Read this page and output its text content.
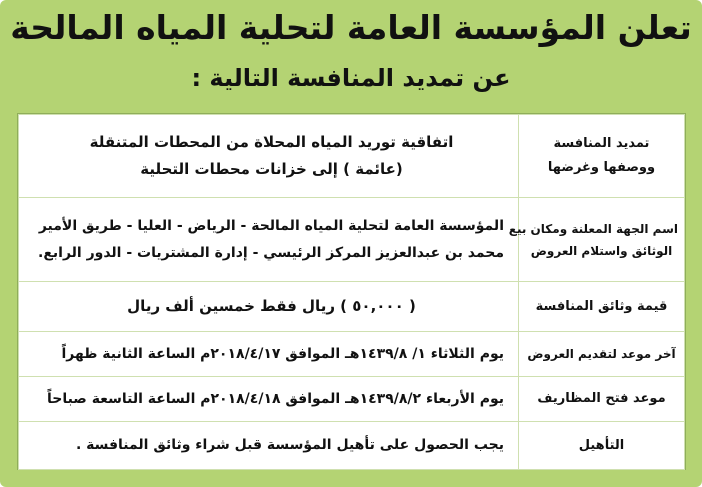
تعلن المؤسسة العامة لتحلية المياه المالحة
عن تمديد المنافسة التالية :
تمديد المنافسة
ووصفها وغرضها	اتفاقية توريد المياه المحلاة من المحطات المتنقلة
(عائمة ) إلى خزانات محطات التحلية

اسم الجهة المعلنة ومكان بيع
الوثائق واستلام العروض	المؤسسة العامة لتحلية المياه المالحة - الرياض - العليا - طريق الأمير
محمد بن عبدالعزيز المركز الرئيسي - إدارة المشتريات - الدور الرابع.

قيمة وثائق المنافسة	( ٥٠,٠٠٠ ) ريال فقط خمسين ألف ريال

آخر موعد لتقديم العروض	يوم الثلاثاء ١/ ١٤٣٩/٨هـ الموافق ٢٠١٨/٤/١٧م الساعة الثانية ظهراً

موعد فتح المظاريف	يوم الأربعاء ١٤٣٩/٨/٢هـ الموافق ٢٠١٨/٤/١٨م الساعة التاسعة صباحاً

التأهيل	يجب الحصول على تأهيل المؤسسة قبل شراء وثائق المنافسة .
